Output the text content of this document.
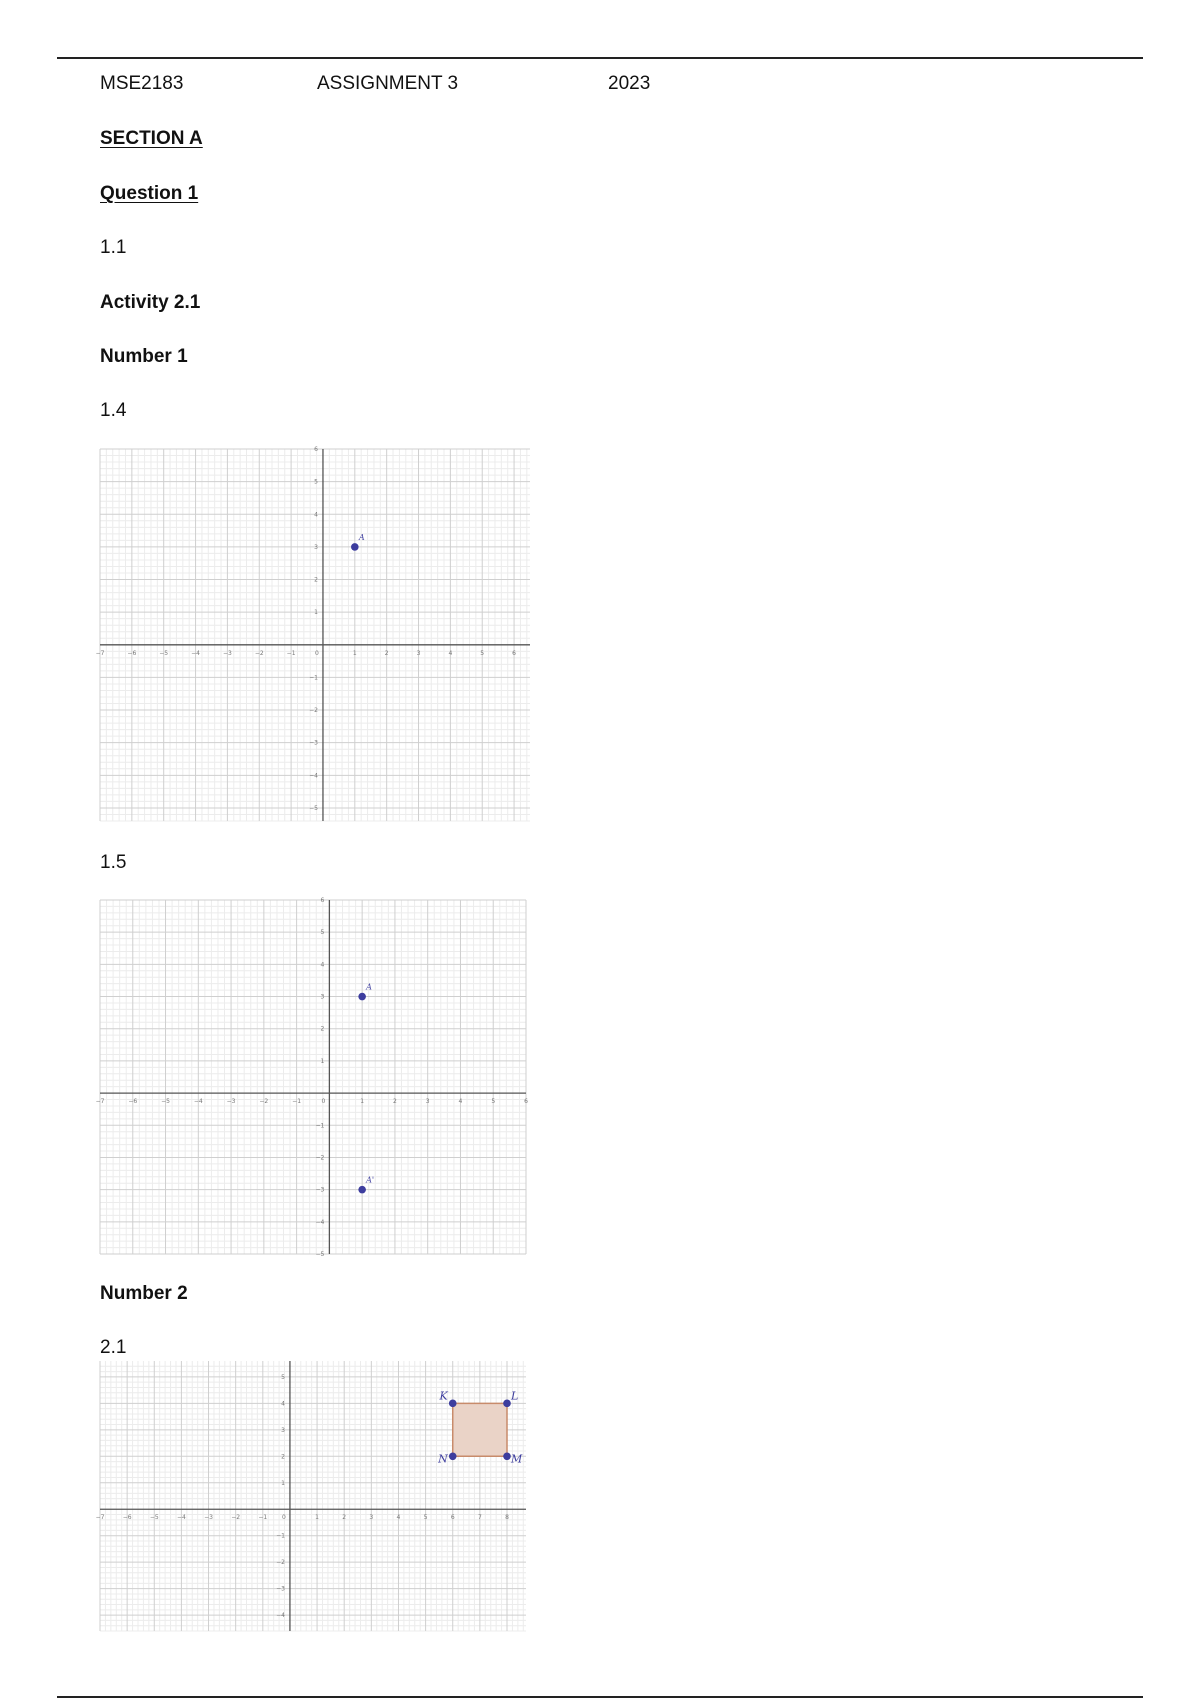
MSE2183	ASSIGNMENT 3	2023
SECTION A
Question 1
1.1
Activity 2.1
Number 1
1.4
−7	−6	−5	−4	−3	−2	−1	0	1	2	3	4	5	6
−5
−4
−3
−2
−1
1
2
3
4
5
6
A
1.5
−7	−6	−5	−4	−3	−2	−1	0	1	2	3	4	5	6
−5
−4
−3
−2
−1
1
2
3
4
5
6
A
A'
Number 2
2.1
−7	−6	−5	−4	−3	−2	−1 0	1	2	3	4	5	6	7	8
−4
−3
−2
−1
1
2
3
4
5
K	L
M
N
